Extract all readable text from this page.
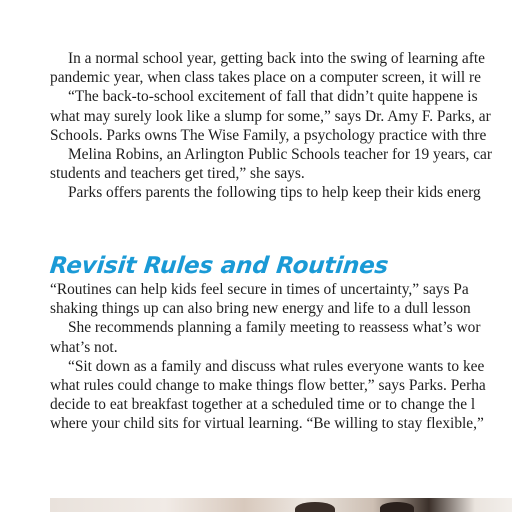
In a normal school year, getting back into the swing of learning afte

pandemic year, when class takes place on a computer screen, it will re

“The back-to-school excitement of fall that didn’t quite happene is

what may surely look like a slump for some,” says Dr. Amy F. Parks, ar

Schools. Parks owns The Wise Family, a psychology practice with thre

Melina Robins, an Arlington Public Schools teacher for 19 years, car

students and teachers get tired,” she says.

Parks offers parents the following tips to help keep their kids energ

Revisit Rules and Routines

“Routines can help kids feel secure in times of uncertainty,” says Pa

shaking things up can also bring new energy and life to a dull lesson

She recommends planning a family meeting to reassess what’s wor

what’s not.

“Sit down as a family and discuss what rules everyone wants to kee

what rules could change to make things flow better,” says Parks. Perha

decide to eat breakfast together at a scheduled time or to change the l

where your child sits for virtual learning. “Be willing to stay flexible,”
